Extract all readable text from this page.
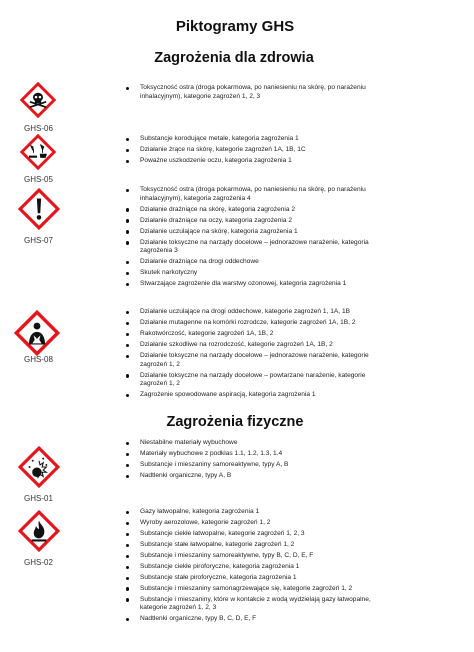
Piktogramy GHS
Zagrożenia dla zdrowia
Zagrożenia fizyczne
GHS-06
Toksyczność ostra (droga pokarmowa, po naniesieniu na skórę, po narażeniu inhalacyjnym), kategorie zagrożeń 1, 2, 3
GHS-05
Substancje korodujące metale, kategoria zagrożenia 1
Działanie żrące na skórę, kategorie zagrożeń 1A, 1B, 1C
Poważne uszkodzenie oczu, kategoria zagrożenia 1
GHS-07
Toksyczność ostra (droga pokarmowa, po naniesieniu na skórę, po narażeniu inhalacyjnym), kategoria zagrożenia 4
Działanie drażniące na skórę, kategoria zagrożenia 2
Działanie drażniące na oczy, kategoria zagrożenia 2
Działanie uczulające na skórę, kategoria zagrożenia 1
Działanie toksyczne na narządy docelowe – jednorazowe narażenie, kategoria zagrożenia 3
Działanie drażniące na drogi oddechowe
Skutek narkotyczny
Stwarzające zagrożenie dla warstwy ozonowej, kategoria zagrożenia 1
GHS-08
Działanie uczulające na drogi oddechowe, kategorie zagrożeń 1, 1A, 1B
Działanie mutagenne na komórki rozrodcze, kategorie zagrożeń 1A, 1B, 2
Rakotwórczość, kategorie zagrożeń 1A, 1B, 2
Działanie szkodliwe na rozrodczość, kategorie zagrożeń 1A, 1B, 2
Działanie toksyczne na narządy docelowe – jednorazowe narażenie, kategorie zagrożeń 1, 2
Działanie toksyczne na narządy docelowe – powtarzane narażenie, kategorie zagrożeń 1, 2
Zagrożenie spowodowane aspiracją, kategoria zagrożenia 1
GHS-01
Niestabilne materiały wybuchowe
Materiały wybuchowe z podklas 1.1, 1.2, 1.3, 1.4
Substancje i mieszaniny samoreaktywne, typy A, B
Nadtlenki organiczne, typy A, B
GHS-02
Gazy łatwopalne, kategoria zagrożenia 1
Wyroby aerozolowe, kategorie zagrożeń 1, 2
Substancje ciekłe łatwopalne, kategorie zagrożeń 1, 2, 3
Substancje stałe łatwopalne, kategorie zagrożeń 1, 2
Substancje i mieszaniny samoreaktywne, typy B, C, D, E, F
Substancje ciekłe piroforyczne, kategoria zagrożenia 1
Substancje stałe piroforyczne, kategoria zagrożenia 1
Substancje i mieszaniny samonagrzewające się, kategorie zagrożeń 1, 2
Substancje i mieszaniny, które w kontakcie z wodą wydzielają gazy łatwopalne, kategorie zagrożeń 1, 2, 3
Nadtlenki organiczne, typy B, C, D, E, F
